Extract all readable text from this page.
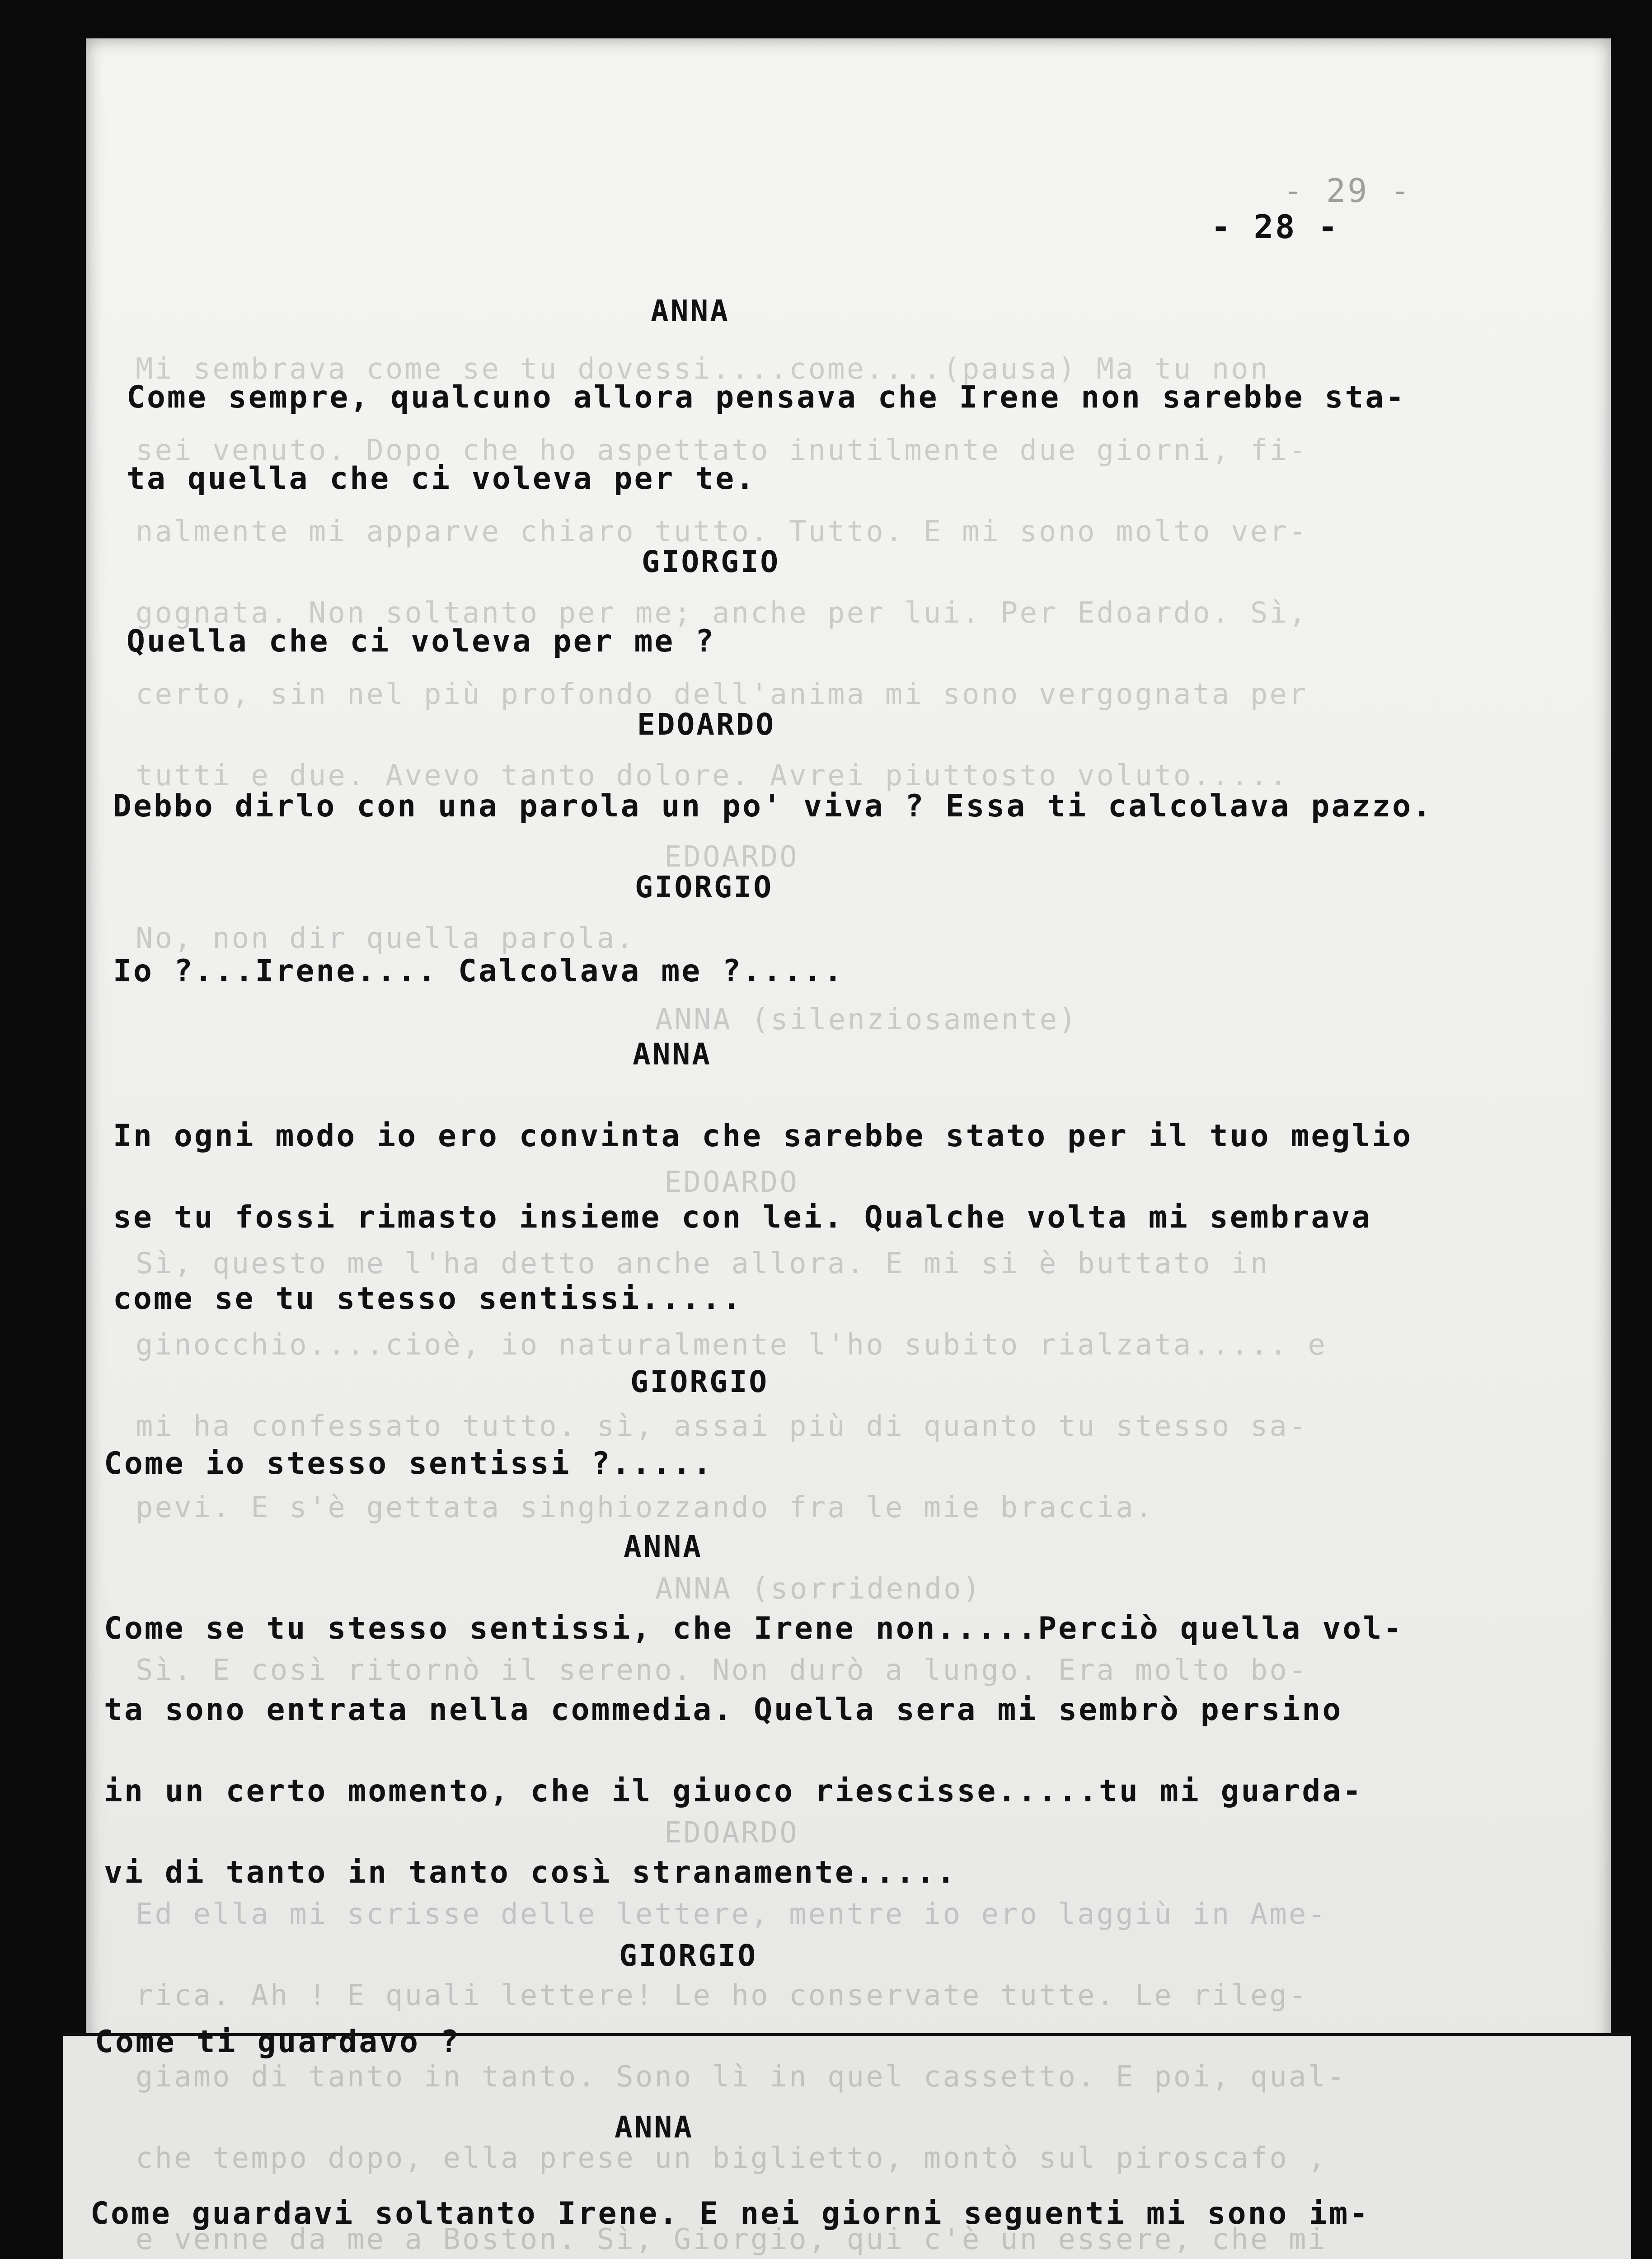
Mi sembrava come se tu dovessi....come....(pausa) Ma tu non
sei venuto. Dopo che ho aspettato inutilmente due giorni, fi-
nalmente mi apparve chiaro tutto. Tutto. E mi sono molto ver-
gognata. Non soltanto per me; anche per lui. Per Edoardo. Sì,
certo, sin nel più profondo dell'anima mi sono vergognata per
tutti e due. Avevo tanto dolore. Avrei piuttosto voluto.....
EDOARDO
No, non dir quella parola.
ANNA (silenziosamente)
EDOARDO
Sì, questo me l'ha detto anche allora. E mi si è buttato in
ginocchio....cioè, io naturalmente l'ho subito rialzata..... e
mi ha confessato tutto. sì, assai più di quanto tu stesso sa-
pevi. E s'è gettata singhiozzando fra le mie braccia.
ANNA (sorridendo)
Sì. E così ritornò il sereno. Non durò a lungo. Era molto bo-
EDOARDO
Ed ella mi scrisse delle lettere, mentre io ero laggiù in Ame-
rica. Ah ! E quali lettere! Le ho conservate tutte. Le rileg-
giamo di tanto in tanto. Sono lì in quel cassetto. E poi, qual-
che tempo dopo, ella prese un biglietto, montò sul piroscafo ,
e venne da me a Boston. Sì, Giorgio, qui c'è un essere, che mi
- 29 -
- 28 -
ANNA
Come sempre, qualcuno allora pensava che Irene non sarebbe sta-
ta quella che ci voleva per te.
GIORGIO
Quella che ci voleva per me ?
EDOARDO
Debbo dirlo con una parola un po' viva ? Essa ti calcolava pazzo.
GIORGIO
Io ?...Irene.... Calcolava me ?.....
ANNA
In ogni modo io ero convinta che sarebbe stato per il tuo meglio
se tu fossi rimasto insieme con lei. Qualche volta mi sembrava
come se tu stesso sentissi.....
GIORGIO
Come io stesso sentissi ?.....
ANNA
Come se tu stesso sentissi, che Irene non.....Perciò quella vol-
ta sono entrata nella commedia. Quella sera mi sembrò persino
in un certo momento, che il giuoco riescisse.....tu mi guarda-
vi di tanto in tanto così stranamente.....
GIORGIO
Come ti guardavo ?
ANNA
Come guardavi soltanto Irene. E nei giorni seguenti mi sono im-
